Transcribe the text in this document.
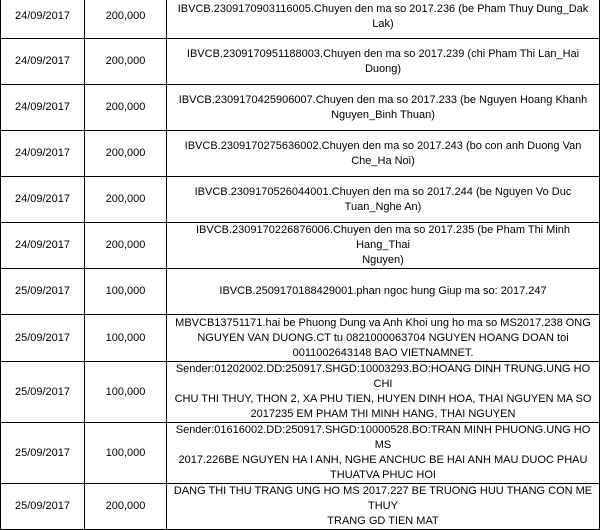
24/09/2017	200,000	IBVCB.2309170903116005.Chuyen den ma so 2017.236 (be Pham Thuy Dung_Dak Lak)
24/09/2017	200,000	IBVCB.2309170951188003.Chuyen den ma so 2017.239 (chi Pham Thi Lan_Hai Duong)
24/09/2017	200,000	IBVCB.2309170425906007.Chuyen den ma so 2017.233 (be Nguyen Hoang Khanh
Nguyen_Binh Thuan)
24/09/2017	200,000	IBVCB.2309170275636002.Chuyen den ma so 2017.243 (bo con anh Duong Van
Che_Ha Noi)
24/09/2017	200,000	IBVCB.2309170526044001.Chuyen den ma so 2017.244 (be Nguyen Vo Duc
Tuan_Nghe An)
24/09/2017	200,000	IBVCB.2309170226876006.Chuyen den ma so 2017.235 (be Pham Thi Minh Hang_Thai
Nguyen)
25/09/2017	100,000	IBVCB.2509170188429001.phan ngoc hung Giup ma so: 2017.247
25/09/2017	100,000	MBVCB13751171.hai be Phuong Dung va Anh Khoi ung ho ma so MS2017.238 ONG
NGUYEN VAN DUONG.CT tu 0821000063704 NGUYEN HOANG DOAN toi
0011002643148 BAO VIETNAMNET.
25/09/2017	100,000	Sender:01202002.DD:250917.SHGD:10003293.BO:HOANG DINH TRUNG.UNG HO CHI
CHU THI THUY, THON 2, XA PHU TIEN, HUYEN DINH HOA, THAI NGUYEN MA SO
2017235 EM PHAM THI MINH HANG, THAI NGUYEN
25/09/2017	100,000	Sender:01616002.DD:250917.SHGD:10000528.BO:TRAN MINH PHUONG.UNG HO MS
2017.226BE NGUYEN HA I ANH, NGHE ANCHUC BE HAI ANH MAU DUOC PHAU
THUATVA PHUC HOI
25/09/2017	200,000	DANG THI THU TRANG UNG HO MS 2017.227 BE TRUONG HUU THANG CON ME THUY
TRANG GD TIEN MAT
